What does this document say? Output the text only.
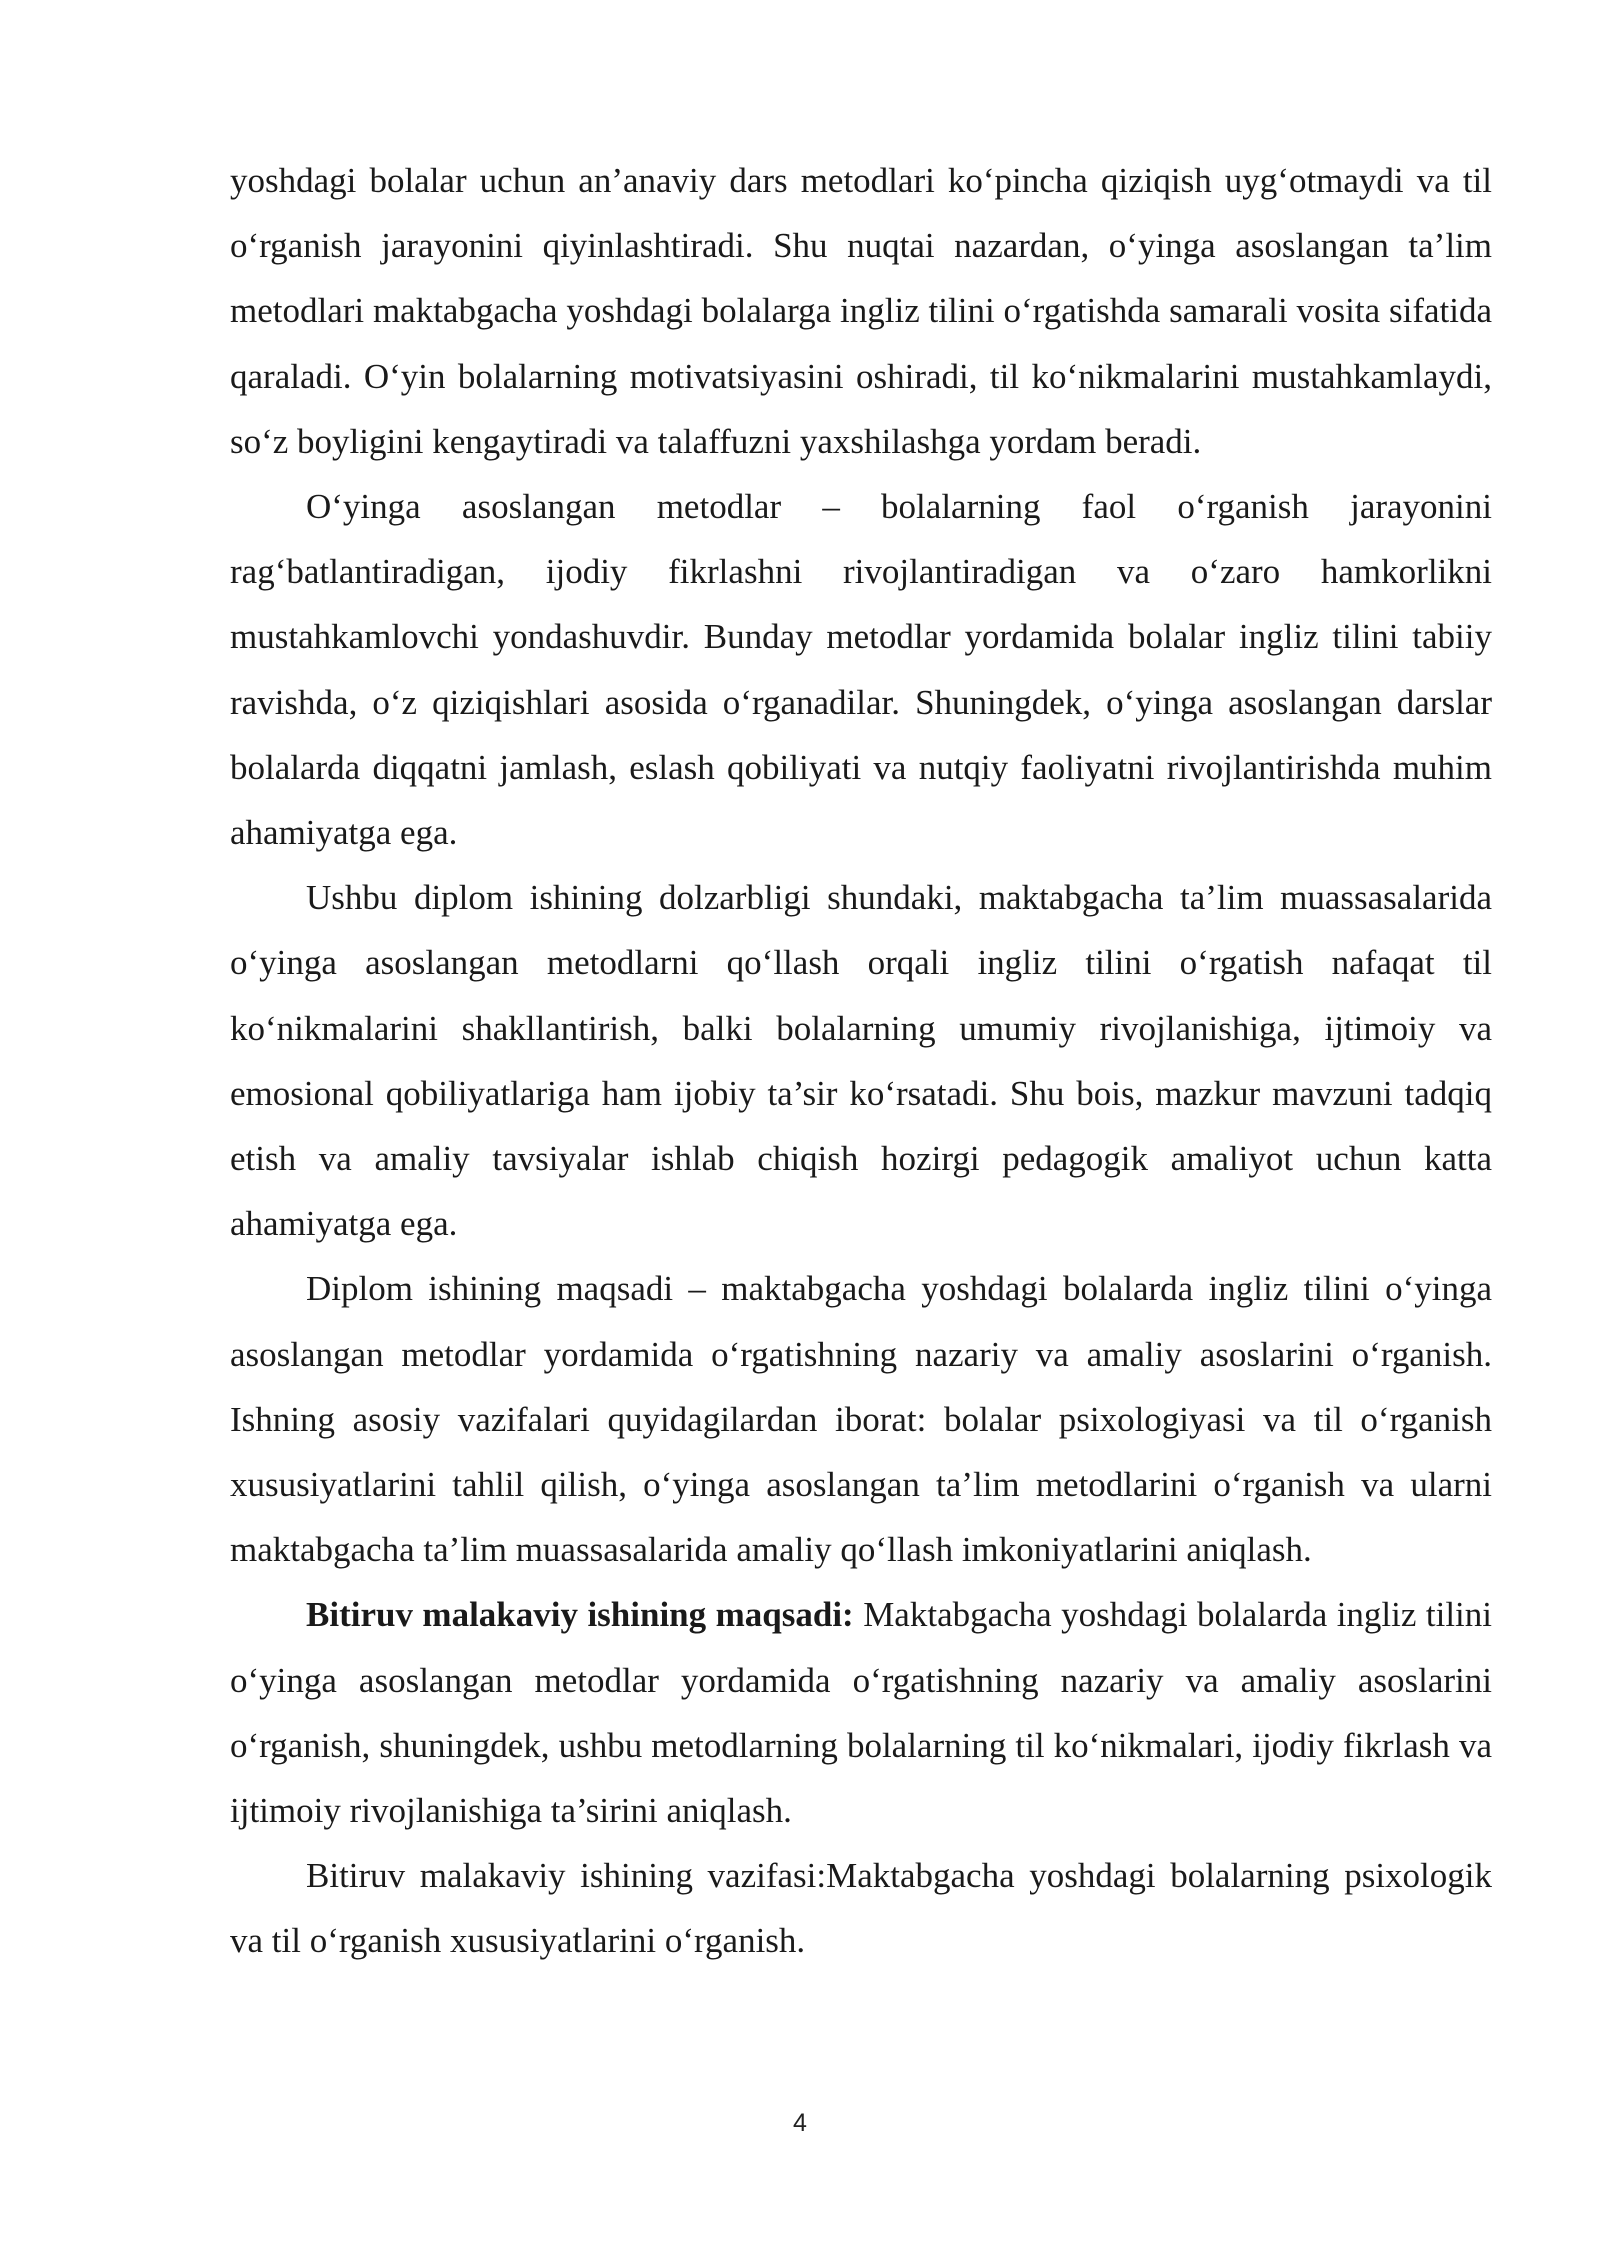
yoshdagi bolalar uchun an’anaviy dars metodlari ko‘pincha qiziqish uyg‘otmaydi va til o‘rganish jarayonini qiyinlashtiradi. Shu nuqtai nazardan, o‘yinga asoslangan ta’lim metodlari maktabgacha yoshdagi bolalarga ingliz tilini o‘rgatishda samarali vosita sifatida qaraladi. O‘yin bolalarning motivatsiyasini oshiradi, til ko‘nikmalarini mustahkamlaydi, so‘z boyligini kengaytiradi va talaffuzni yaxshilashga yordam beradi.

O‘yinga asoslangan metodlar – bolalarning faol o‘rganish jarayonini rag‘batlantiradigan, ijodiy fikrlashni rivojlantiradigan va o‘zaro hamkorlikni mustahkamlovchi yondashuvdir. Bunday metodlar yordamida bolalar ingliz tilini tabiiy ravishda, o‘z qiziqishlari asosida o‘rganadilar. Shuningdek, o‘yinga asoslangan darslar bolalarda diqqatni jamlash, eslash qobiliyati va nutqiy faoliyatni rivojlantirishda muhim ahamiyatga ega.

Ushbu diplom ishining dolzarbligi shundaki, maktabgacha ta’lim muassasalarida o‘yinga asoslangan metodlarni qo‘llash orqali ingliz tilini o‘rgatish nafaqat til ko‘nikmalarini shakllantirish, balki bolalarning umumiy rivojlanishiga, ijtimoiy va emosional qobiliyatlariga ham ijobiy ta’sir ko‘rsatadi. Shu bois, mazkur mavzuni tadqiq etish va amaliy tavsiyalar ishlab chiqish hozirgi pedagogik amaliyot uchun katta ahamiyatga ega.

Diplom ishining maqsadi – maktabgacha yoshdagi bolalarda ingliz tilini o‘yinga asoslangan metodlar yordamida o‘rgatishning nazariy va amaliy asoslarini o‘rganish. Ishning asosiy vazifalari quyidagilardan iborat: bolalar psixologiyasi va til o‘rganish xususiyatlarini tahlil qilish, o‘yinga asoslangan ta’lim metodlarini o‘rganish va ularni maktabgacha ta’lim muassasalarida amaliy qo‘llash imkoniyatlarini aniqlash.

Bitiruv malakaviy ishining maqsadi: Maktabgacha yoshdagi bolalarda ingliz tilini o‘yinga asoslangan metodlar yordamida o‘rgatishning nazariy va amaliy asoslarini o‘rganish, shuningdek, ushbu metodlarning bolalarning til ko‘nikmalari, ijodiy fikrlash va ijtimoiy rivojlanishiga ta’sirini aniqlash.

Bitiruv malakaviy ishining vazifasi:Maktabgacha yoshdagi bolalarning psixologik va til o‘rganish xususiyatlarini o‘rganish.

4
